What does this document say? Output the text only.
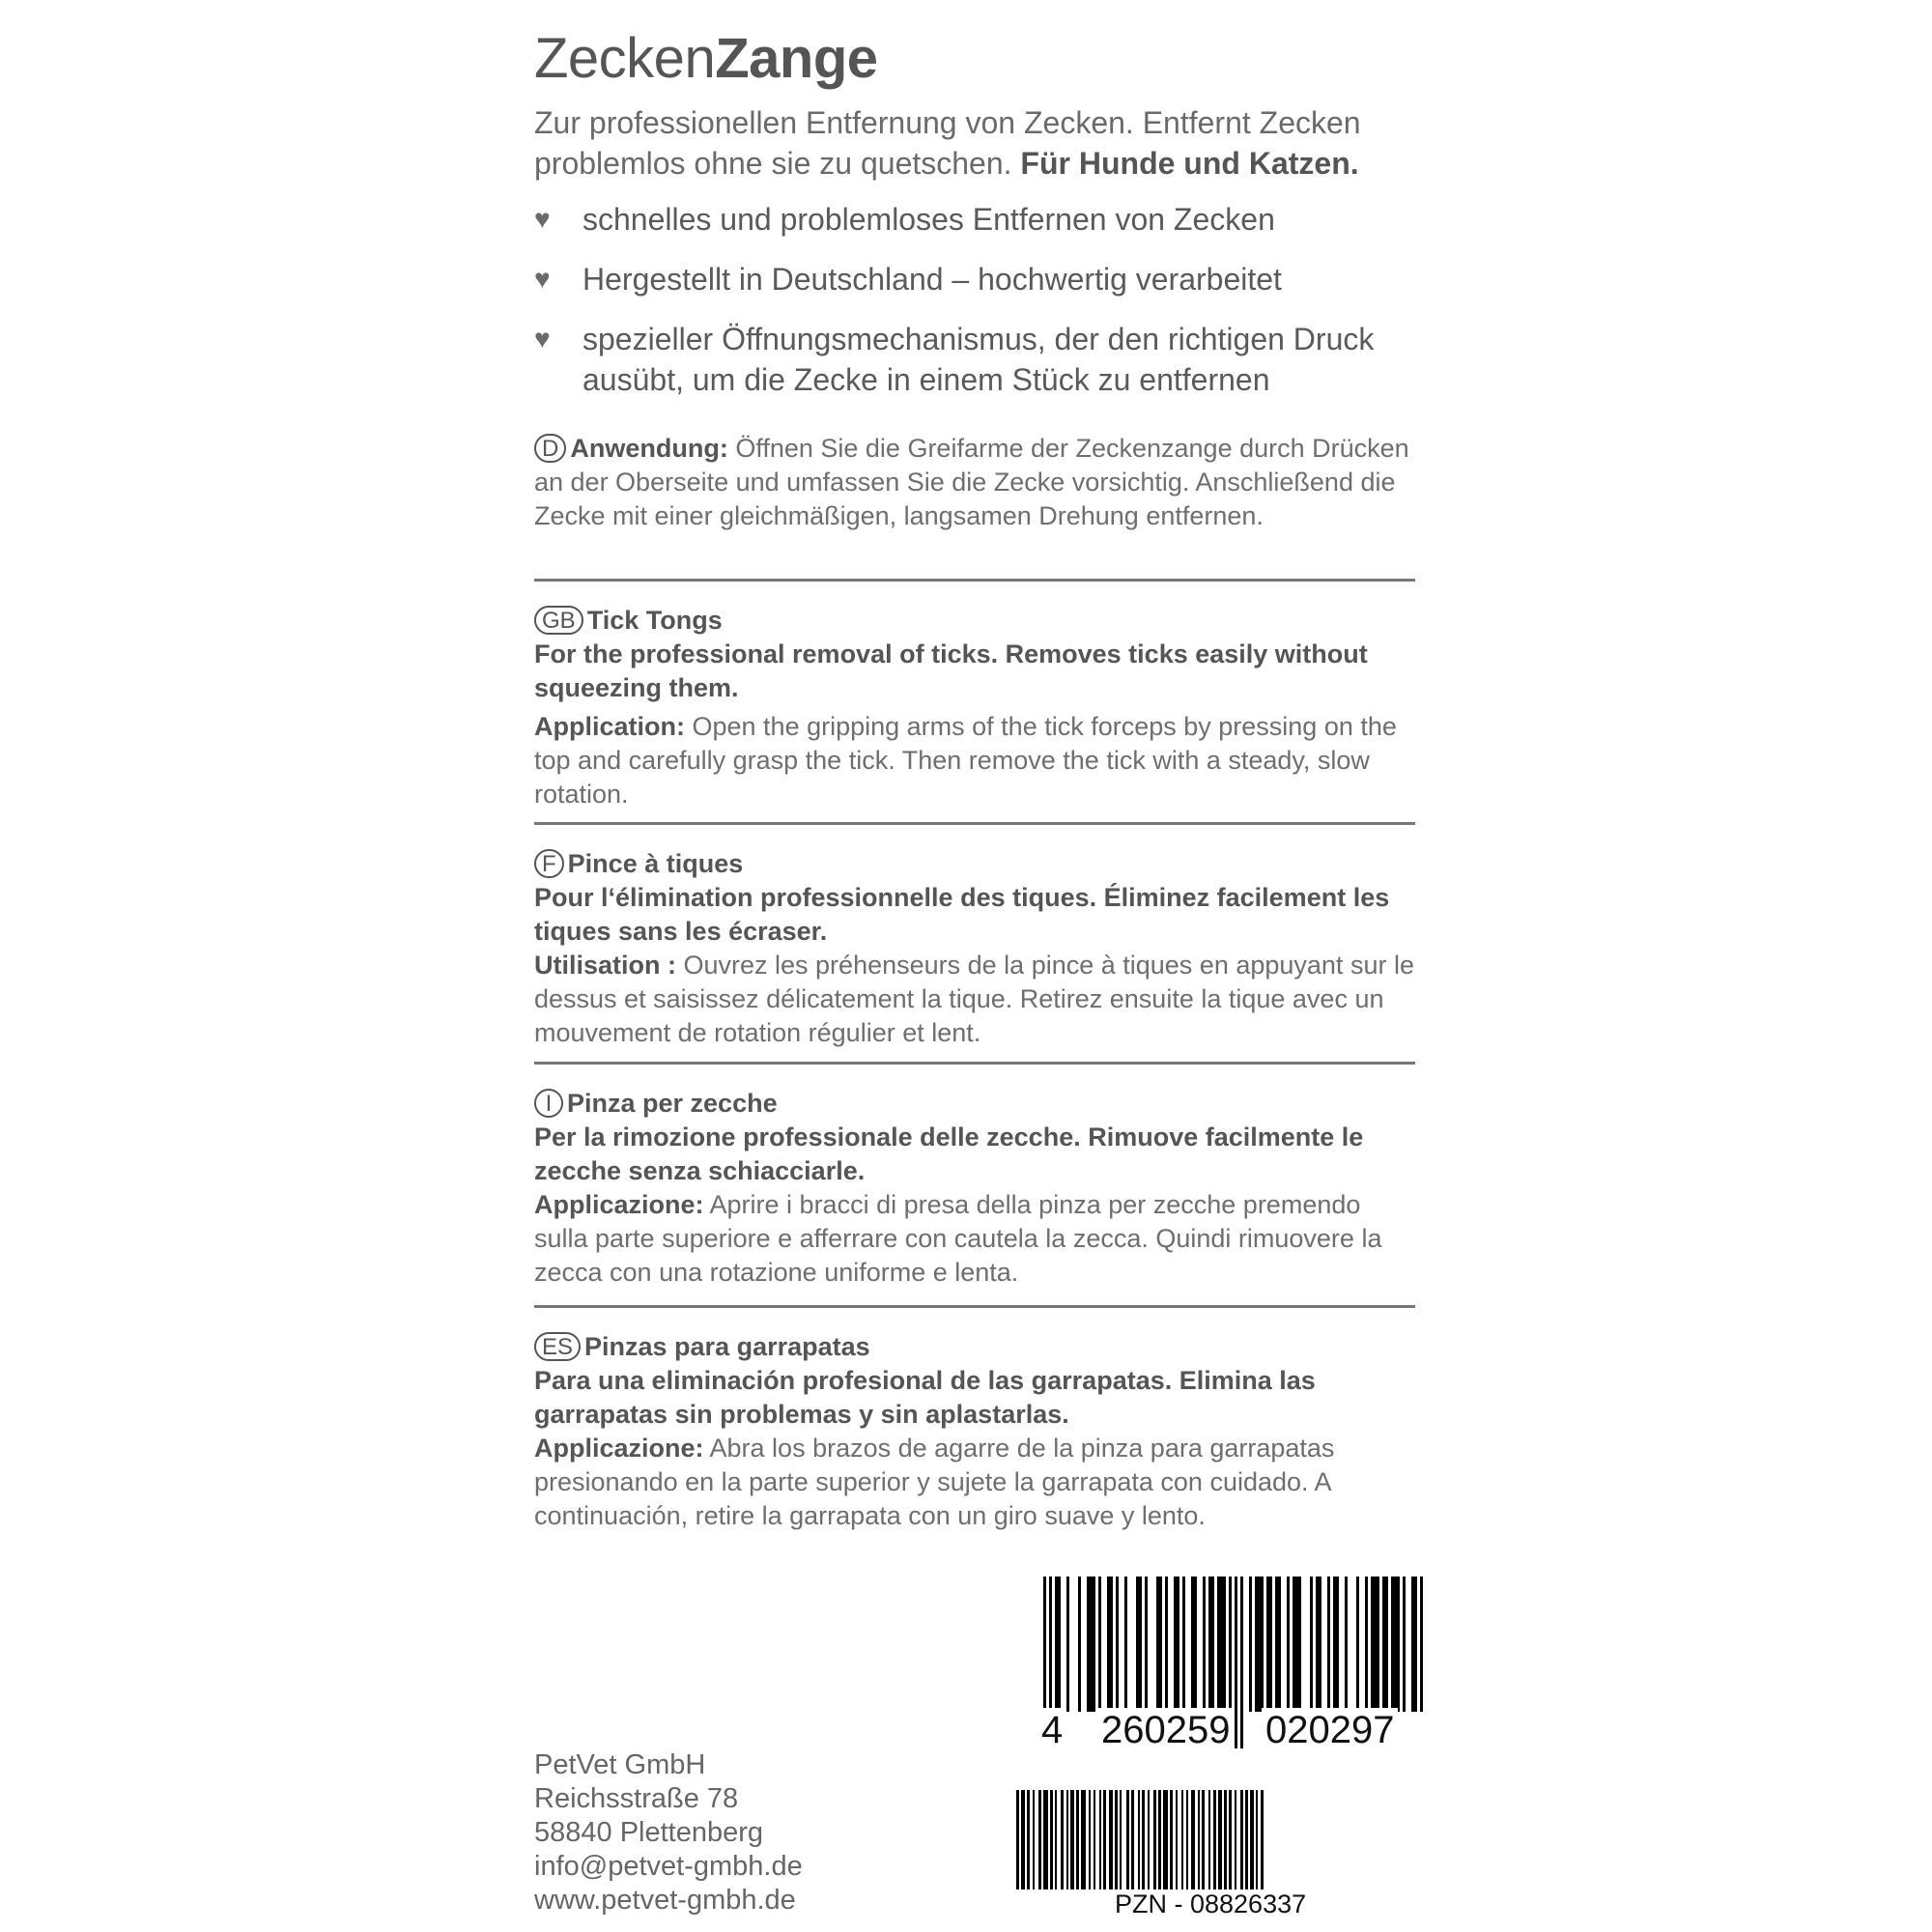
ZeckenZange
Zur professionellen Entfernung von Zecken. Entfernt Zecken problemlos ohne sie zu quetschen. Für Hunde und Katzen.
♥ schnelles und problemloses Entfernen von Zecken
♥ Hergestellt in Deutschland – hochwertig verarbeitet
♥ spezieller Öffnungsmechanismus, der den richtigen Druck ausübt, um die Zecke in einem Stück zu entfernen
D Anwendung: Öffnen Sie die Greifarme der Zeckenzange durch Drücken an der Oberseite und umfassen Sie die Zecke vorsichtig. Anschließend die Zecke mit einer gleichmäßigen, langsamen Drehung entfernen.
GB Tick Tongs
For the professional removal of ticks. Removes ticks easily without squeezing them.
Application: Open the gripping arms of the tick forceps by pressing on the top and carefully grasp the tick. Then remove the tick with a steady, slow rotation.
F Pince à tiques
Pour l‘élimination professionnelle des tiques. Éliminez facilement les tiques sans les écraser.
Utilisation : Ouvrez les préhenseurs de la pince à tiques en appuyant sur le dessus et saisissez délicatement la tique. Retirez ensuite la tique avec un mouvement de rotation régulier et lent.
I Pinza per zecche
Per la rimozione professionale delle zecche. Rimuove facilmente le zecche senza schiacciarle.
Applicazione: Aprire i bracci di presa della pinza per zecche premendo sulla parte superiore e afferrare con cautela la zecca. Quindi rimuovere la zecca con una rotazione uniforme e lenta.
ES Pinzas para garrapatas
Para una eliminación profesional de las garrapatas. Elimina las garrapatas sin problemas y sin aplastarlas.
Applicazione: Abra los brazos de agarre de la pinza para garrapatas presionando en la parte superior y sujete la garrapata con cuidado. A continuación, retire la garrapata con un giro suave y lento.
4 260259 020297
PZN - 08826337
PetVet GmbH
Reichsstraße 78
58840 Plettenberg
info@petvet-gmbh.de
www.petvet-gmbh.de
